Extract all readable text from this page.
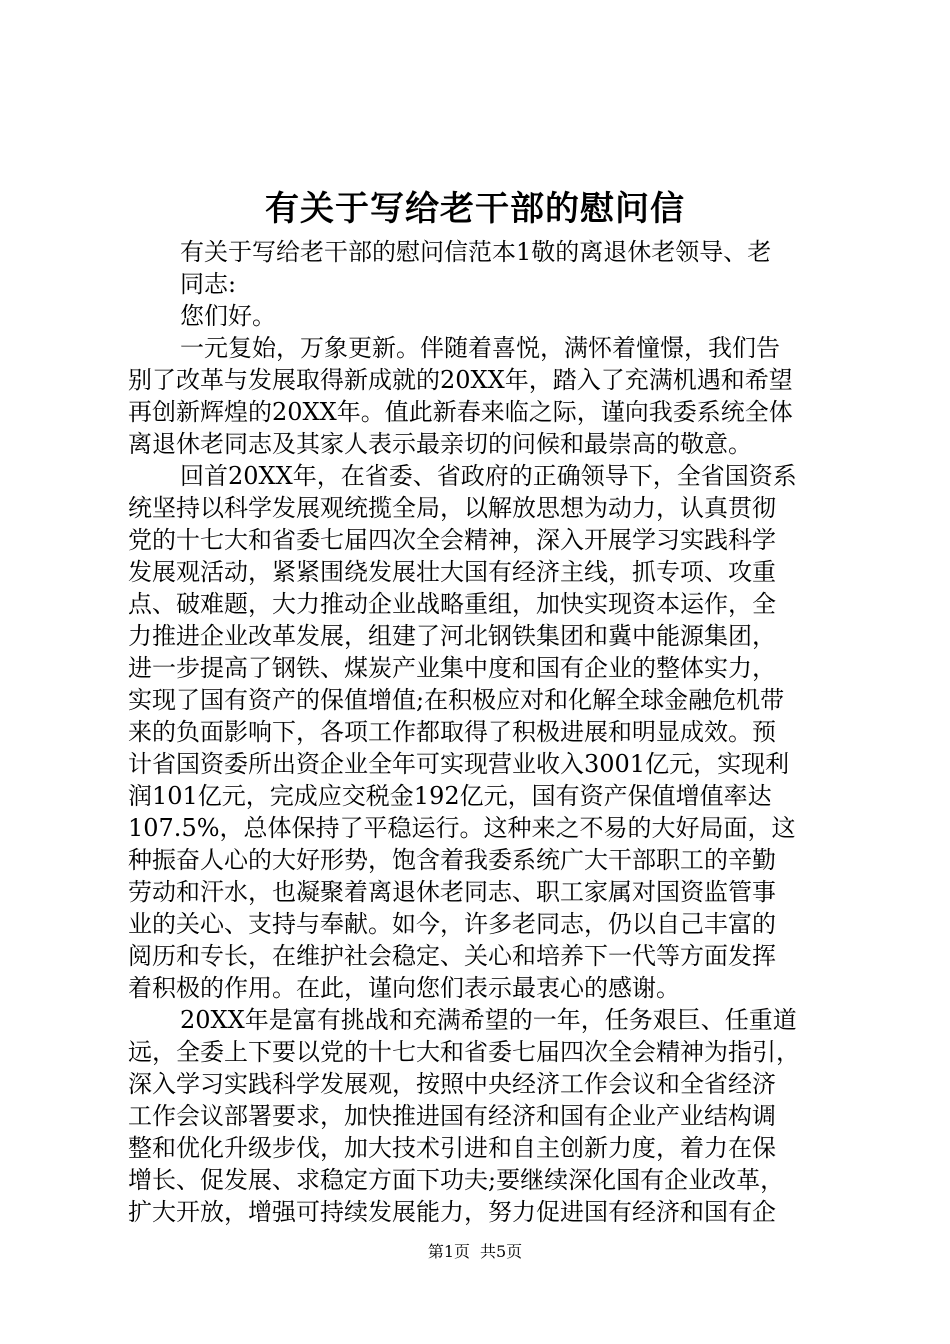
有关于写给老干部的慰问信
有关于写给老干部的慰问信范本1敬的离退休老领导、老
同志:
您们好。
一元复始，万象更新。伴随着喜悦，满怀着憧憬，我们告
别了改革与发展取得新成就的20XX年，踏入了充满机遇和希望
再创新辉煌的20XX年。值此新春来临之际，谨向我委系统全体
离退休老同志及其家人表示最亲切的问候和最崇高的敬意。
回首20XX年，在省委、省政府的正确领导下，全省国资系
统坚持以科学发展观统揽全局，以解放思想为动力，认真贯彻
党的十七大和省委七届四次全会精神，深入开展学习实践科学
发展观活动，紧紧围绕发展壮大国有经济主线，抓专项、攻重
点、破难题，大力推动企业战略重组，加快实现资本运作，全
力推进企业改革发展，组建了河北钢铁集团和冀中能源集团，
进一步提高了钢铁、煤炭产业集中度和国有企业的整体实力，
实现了国有资产的保值增值;在积极应对和化解全球金融危机带
来的负面影响下，各项工作都取得了积极进展和明显成效。预
计省国资委所出资企业全年可实现营业收入3001亿元，实现利
润101亿元，完成应交税金192亿元，国有资产保值增值率达
107.5%，总体保持了平稳运行。这种来之不易的大好局面，这
种振奋人心的大好形势，饱含着我委系统广大干部职工的辛勤
劳动和汗水，也凝聚着离退休老同志、职工家属对国资监管事
业的关心、支持与奉献。如今，许多老同志，仍以自己丰富的
阅历和专长，在维护社会稳定、关心和培养下一代等方面发挥
着积极的作用。在此，谨向您们表示最衷心的感谢。
20XX年是富有挑战和充满希望的一年，任务艰巨、任重道
远，全委上下要以党的十七大和省委七届四次全会精神为指引，
深入学习实践科学发展观，按照中央经济工作会议和全省经济
工作会议部署要求，加快推进国有经济和国有企业产业结构调
整和优化升级步伐，加大技术引进和自主创新力度，着力在保
增长、促发展、求稳定方面下功夫;要继续深化国有企业改革，
扩大开放，增强可持续发展能力，努力促进国有经济和国有企
第1页 共5页
